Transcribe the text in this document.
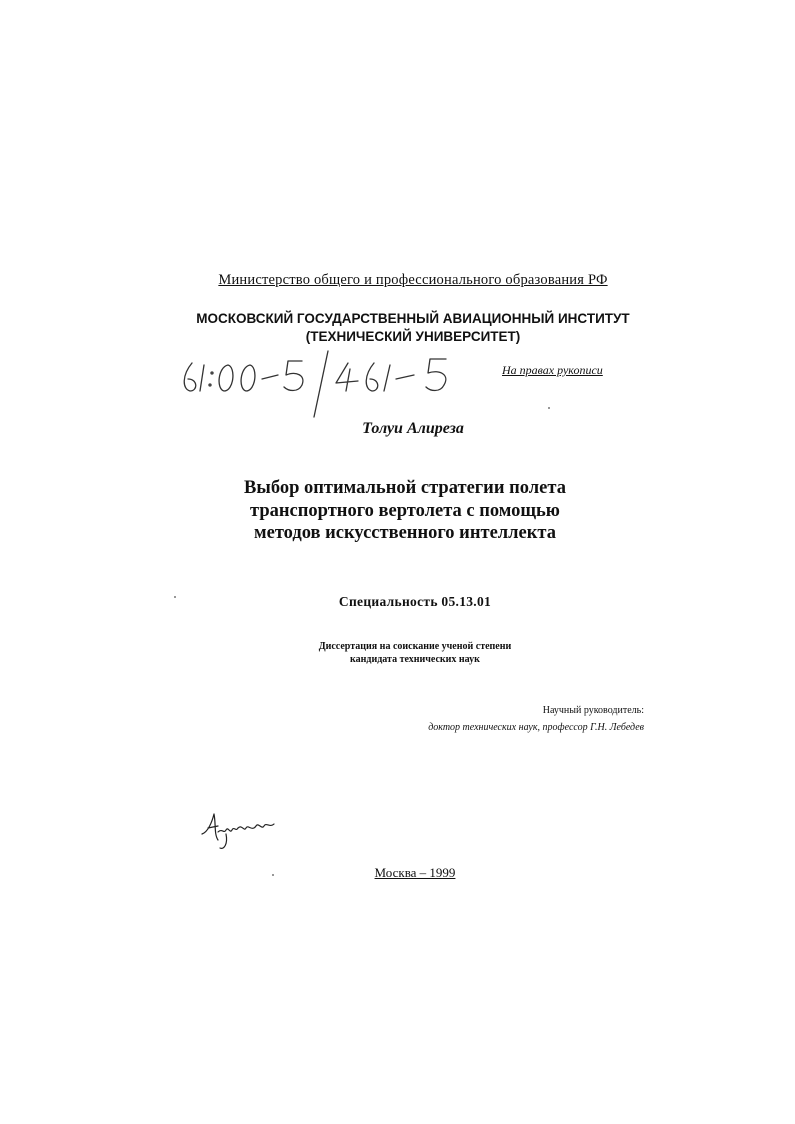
Министерство общего и профессионального образования РФ
МОСКОВСКИЙ ГОСУДАРСТВЕННЫЙ АВИАЦИОННЫЙ ИНСТИТУТ
(ТЕХНИЧЕСКИЙ УНИВЕРСИТЕТ)
На правах рукописи
Толуи Алиреза
Выбор оптимальной стратегии полета
транспортного вертолета с помощью
методов искусственного интеллекта
Специальность 05.13.01
Диссертация на соискание ученой степени
кандидата технических наук
Научный руководитель:
доктор технических наук, профессор Г.Н. Лебедев
Москва – 1999
